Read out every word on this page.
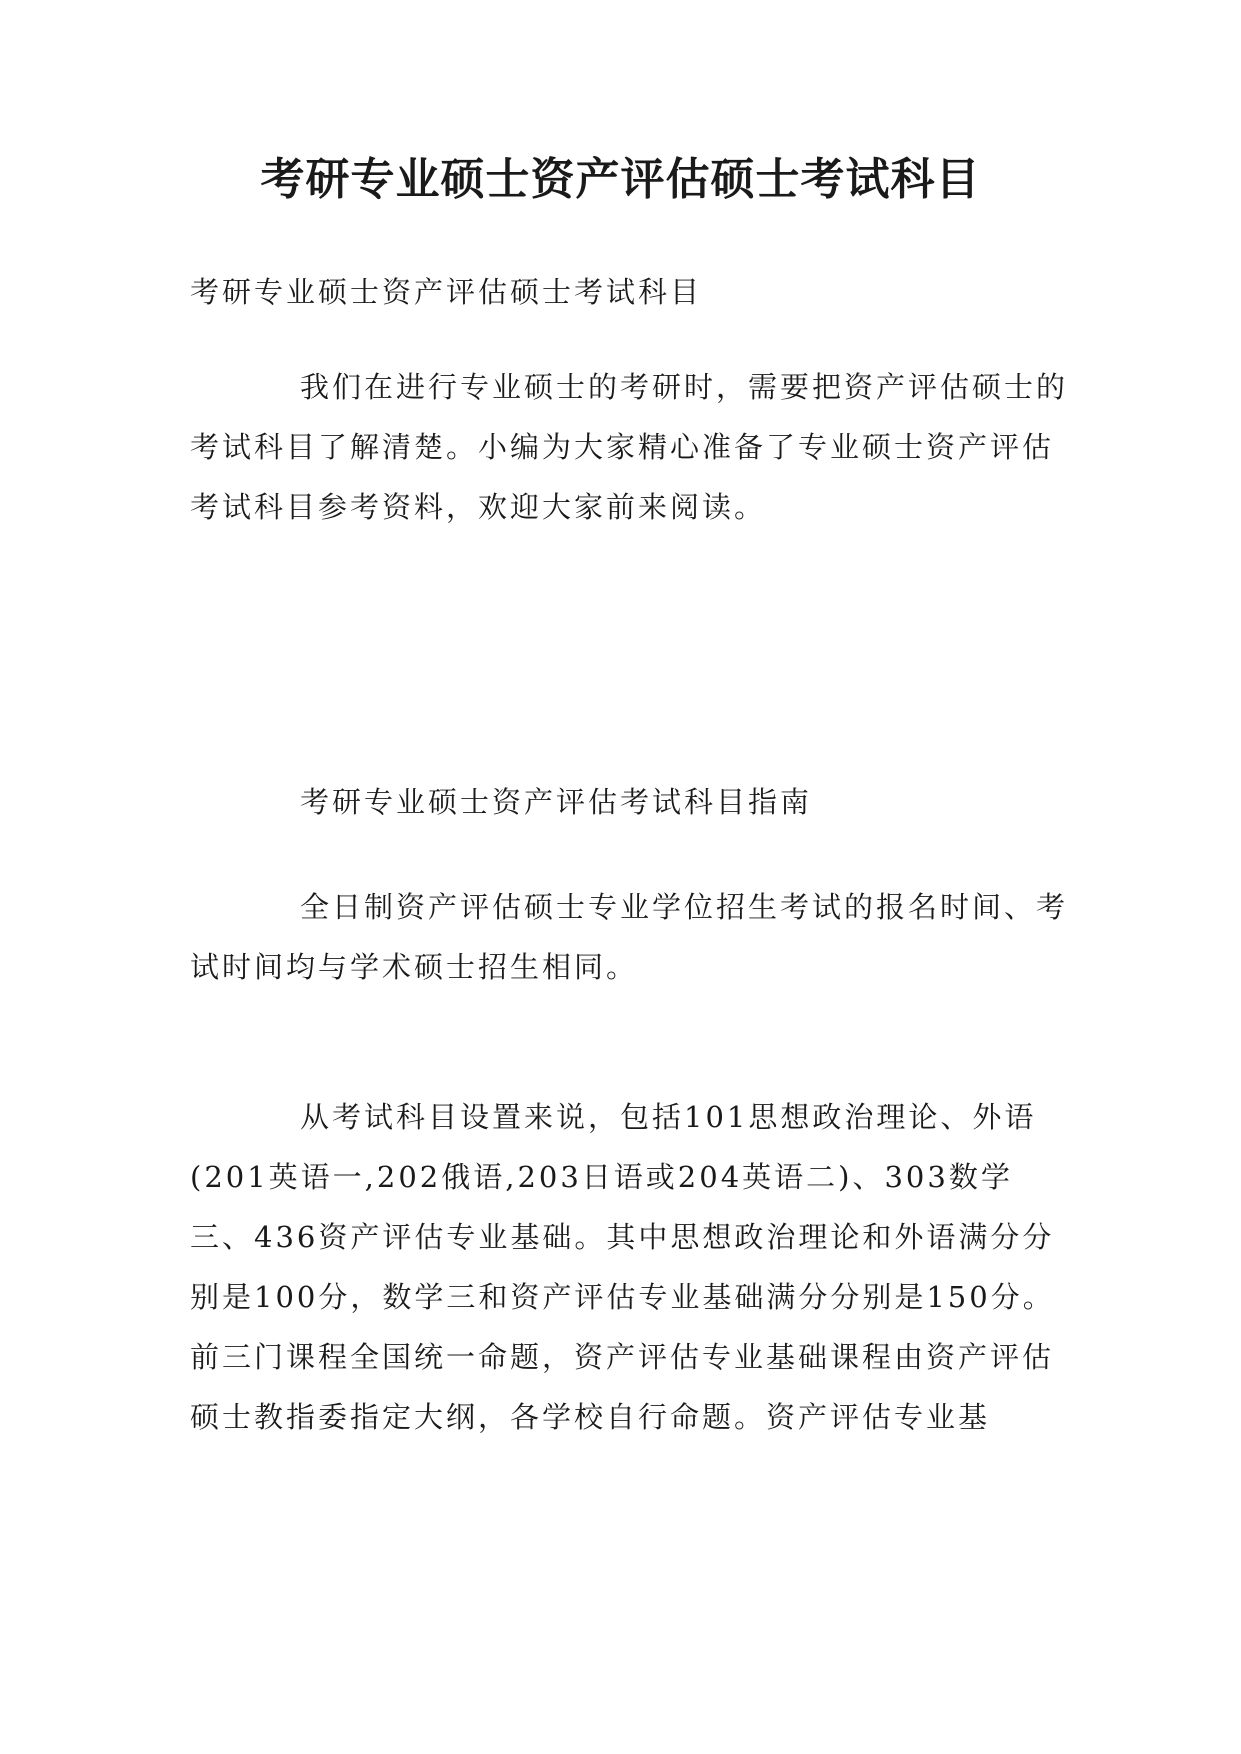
考研专业硕士资产评估硕士考试科目

考研专业硕士资产评估硕士考试科目

我们在进行专业硕士的考研时，需要把资产评估硕士的考试科目了解清楚。小编为大家精心准备了专业硕士资产评估考试科目参考资料，欢迎大家前来阅读。

考研专业硕士资产评估考试科目指南

全日制资产评估硕士专业学位招生考试的报名时间、考试时间均与学术硕士招生相同。

从考试科目设置来说，包括101思想政治理论、外语(201英语一,202俄语,203日语或204英语二)、303数学三、436资产评估专业基础。其中思想政治理论和外语满分分别是100分，数学三和资产评估专业基础满分分别是150分。前三门课程全国统一命题，资产评估专业基础课程由资产评估硕士教指委指定大纲，各学校自行命题。资产评估专业基
